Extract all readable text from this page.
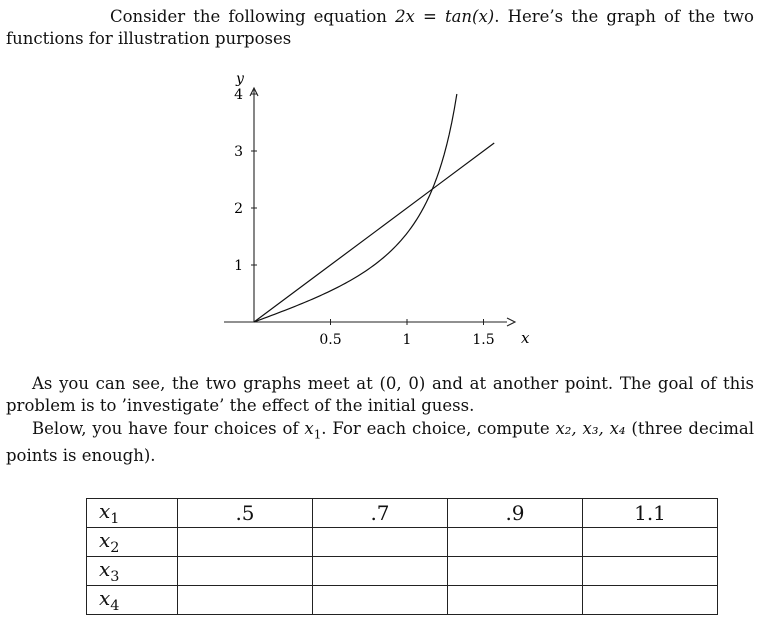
Consider the following equation 2x = tan(x). Here’s the graph of the two functions for illustration purposes

x
y
0.5	1	1.5
1
2
3
4

As you can see, the two graphs meet at (0, 0) and at another point. The goal of this problem is to ’investigate’ the effect of the initial guess.

Below, you have four choices of $x_1$. For each choice, compute x₂, x₃, x₄ (three decimal points is enough).

$x_1$	.5	.7	.9	1.1
$x_2$				
$x_3$				
$x_4$				
